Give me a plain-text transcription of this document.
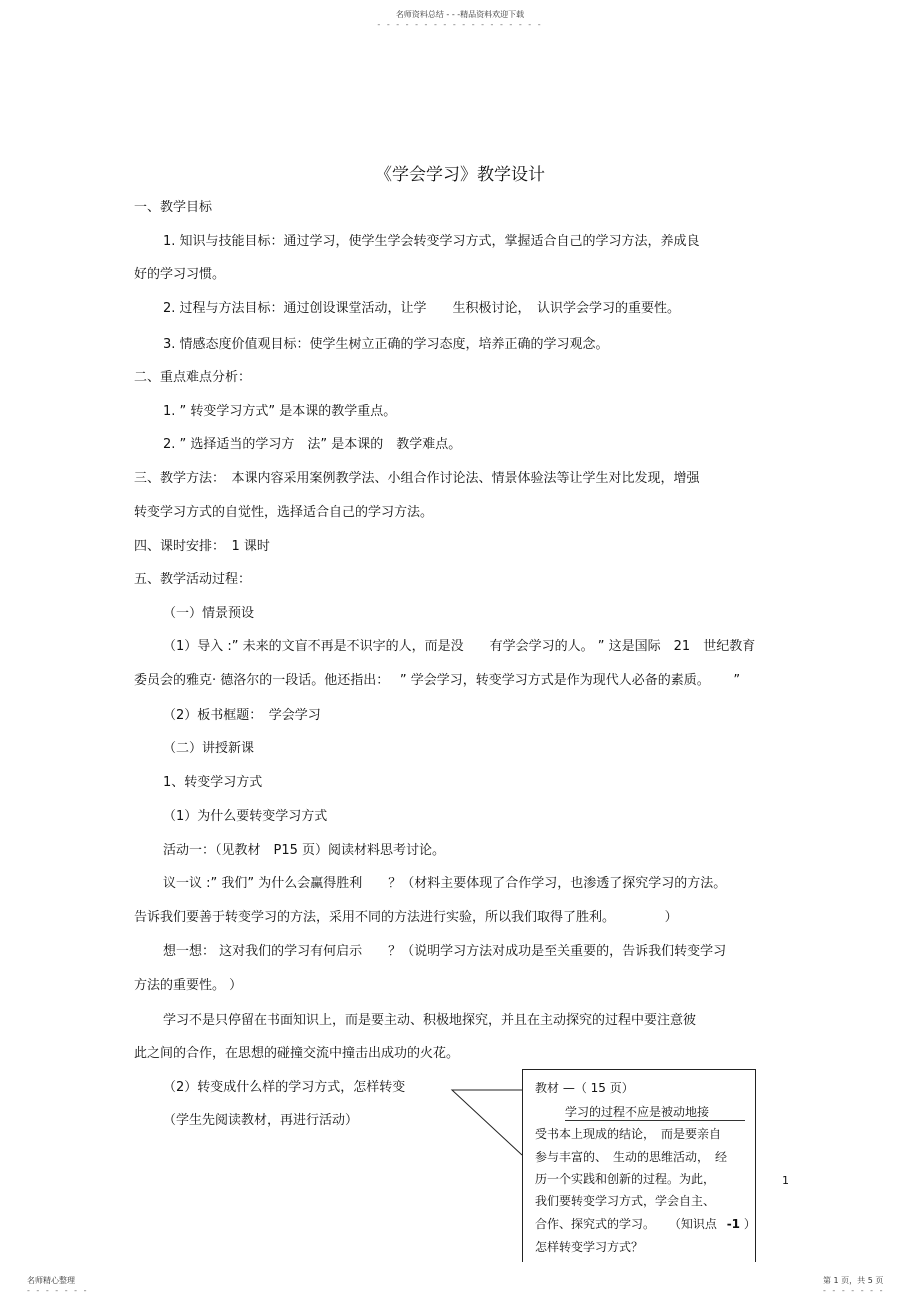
名师资料总结 - - -精品资料欢迎下载
- - - - - - - - - - - - - - - - - -
《学会学习》教学设计
一、教学目标
1. 知识与技能目标：通过学习，使学生学会转变学习方式，掌握适合自己的学习方法，养成良
好的学习习惯。
2. 过程与方法目标：通过创设课堂活动，让学　　生积极讨论，　认识学会学习的重要性。
3. 情感态度价值观目标：使学生树立正确的学习态度，培养正确的学习观念。
二、重点难点分析：
1. ” 转变学习方式” 是本课的教学重点。
2. ” 选择适当的学习方　法” 是本课的　教学难点。
三、教学方法：　本课内容采用案例教学法、小组合作讨论法、情景体验法等让学生对比发现，增强
转变学习方式的自觉性，选择适合自己的学习方法。
四、课时安排：　1 课时
五、教学活动过程：
（一）情景预设
（1）导入 :” 未来的文盲不再是不识字的人，而是没　　有学会学习的人。 ” 这是国际　21　世纪教育
委员会的雅克· 德洛尔的一段话。他还指出：　 ” 学会学习，转变学习方式是作为现代人必备的素质。　　 ”
（2）板书框题：　学会学习
（二）讲授新课
1、转变学习方式
（1）为什么要转变学习方式
活动一：（见教材　P15 页）阅读材料思考讨论。
议一议 :” 我们” 为什么会赢得胜利　　？（材料主要体现了合作学习，也渗透了探究学习的方法。
告诉我们要善于转变学习的方法，采用不同的方法进行实验，所以我们取得了胜利。　　　　 ）
想一想： 这对我们的学习有何启示　　？（说明学习方法对成功是至关重要的，告诉我们转变学习
方法的重要性。 ）
学习不是只停留在书面知识上，而是要主动、积极地探究，并且在主动探究的过程中要注意彼
此之间的合作，在思想的碰撞交流中撞击出成功的火花。
（2）转变成什么样的学习方式，怎样转变
（学生先阅读教材，再进行活动）
教材 —（ 15 页）
学习的过程不应是被动地接
受书本上现成的结论，　而是要亲自
参与丰富的、　生动的思维活动，　经
历一个实践和创新的过程。为此，
我们要转变学习方式，学会自主、
合作、探究式的学习。 （知识点 -1 ）
怎样转变学习方式？
1
名师精心整理
- - - - - - -
第 1 页，共 5 页
- - - - - - -
